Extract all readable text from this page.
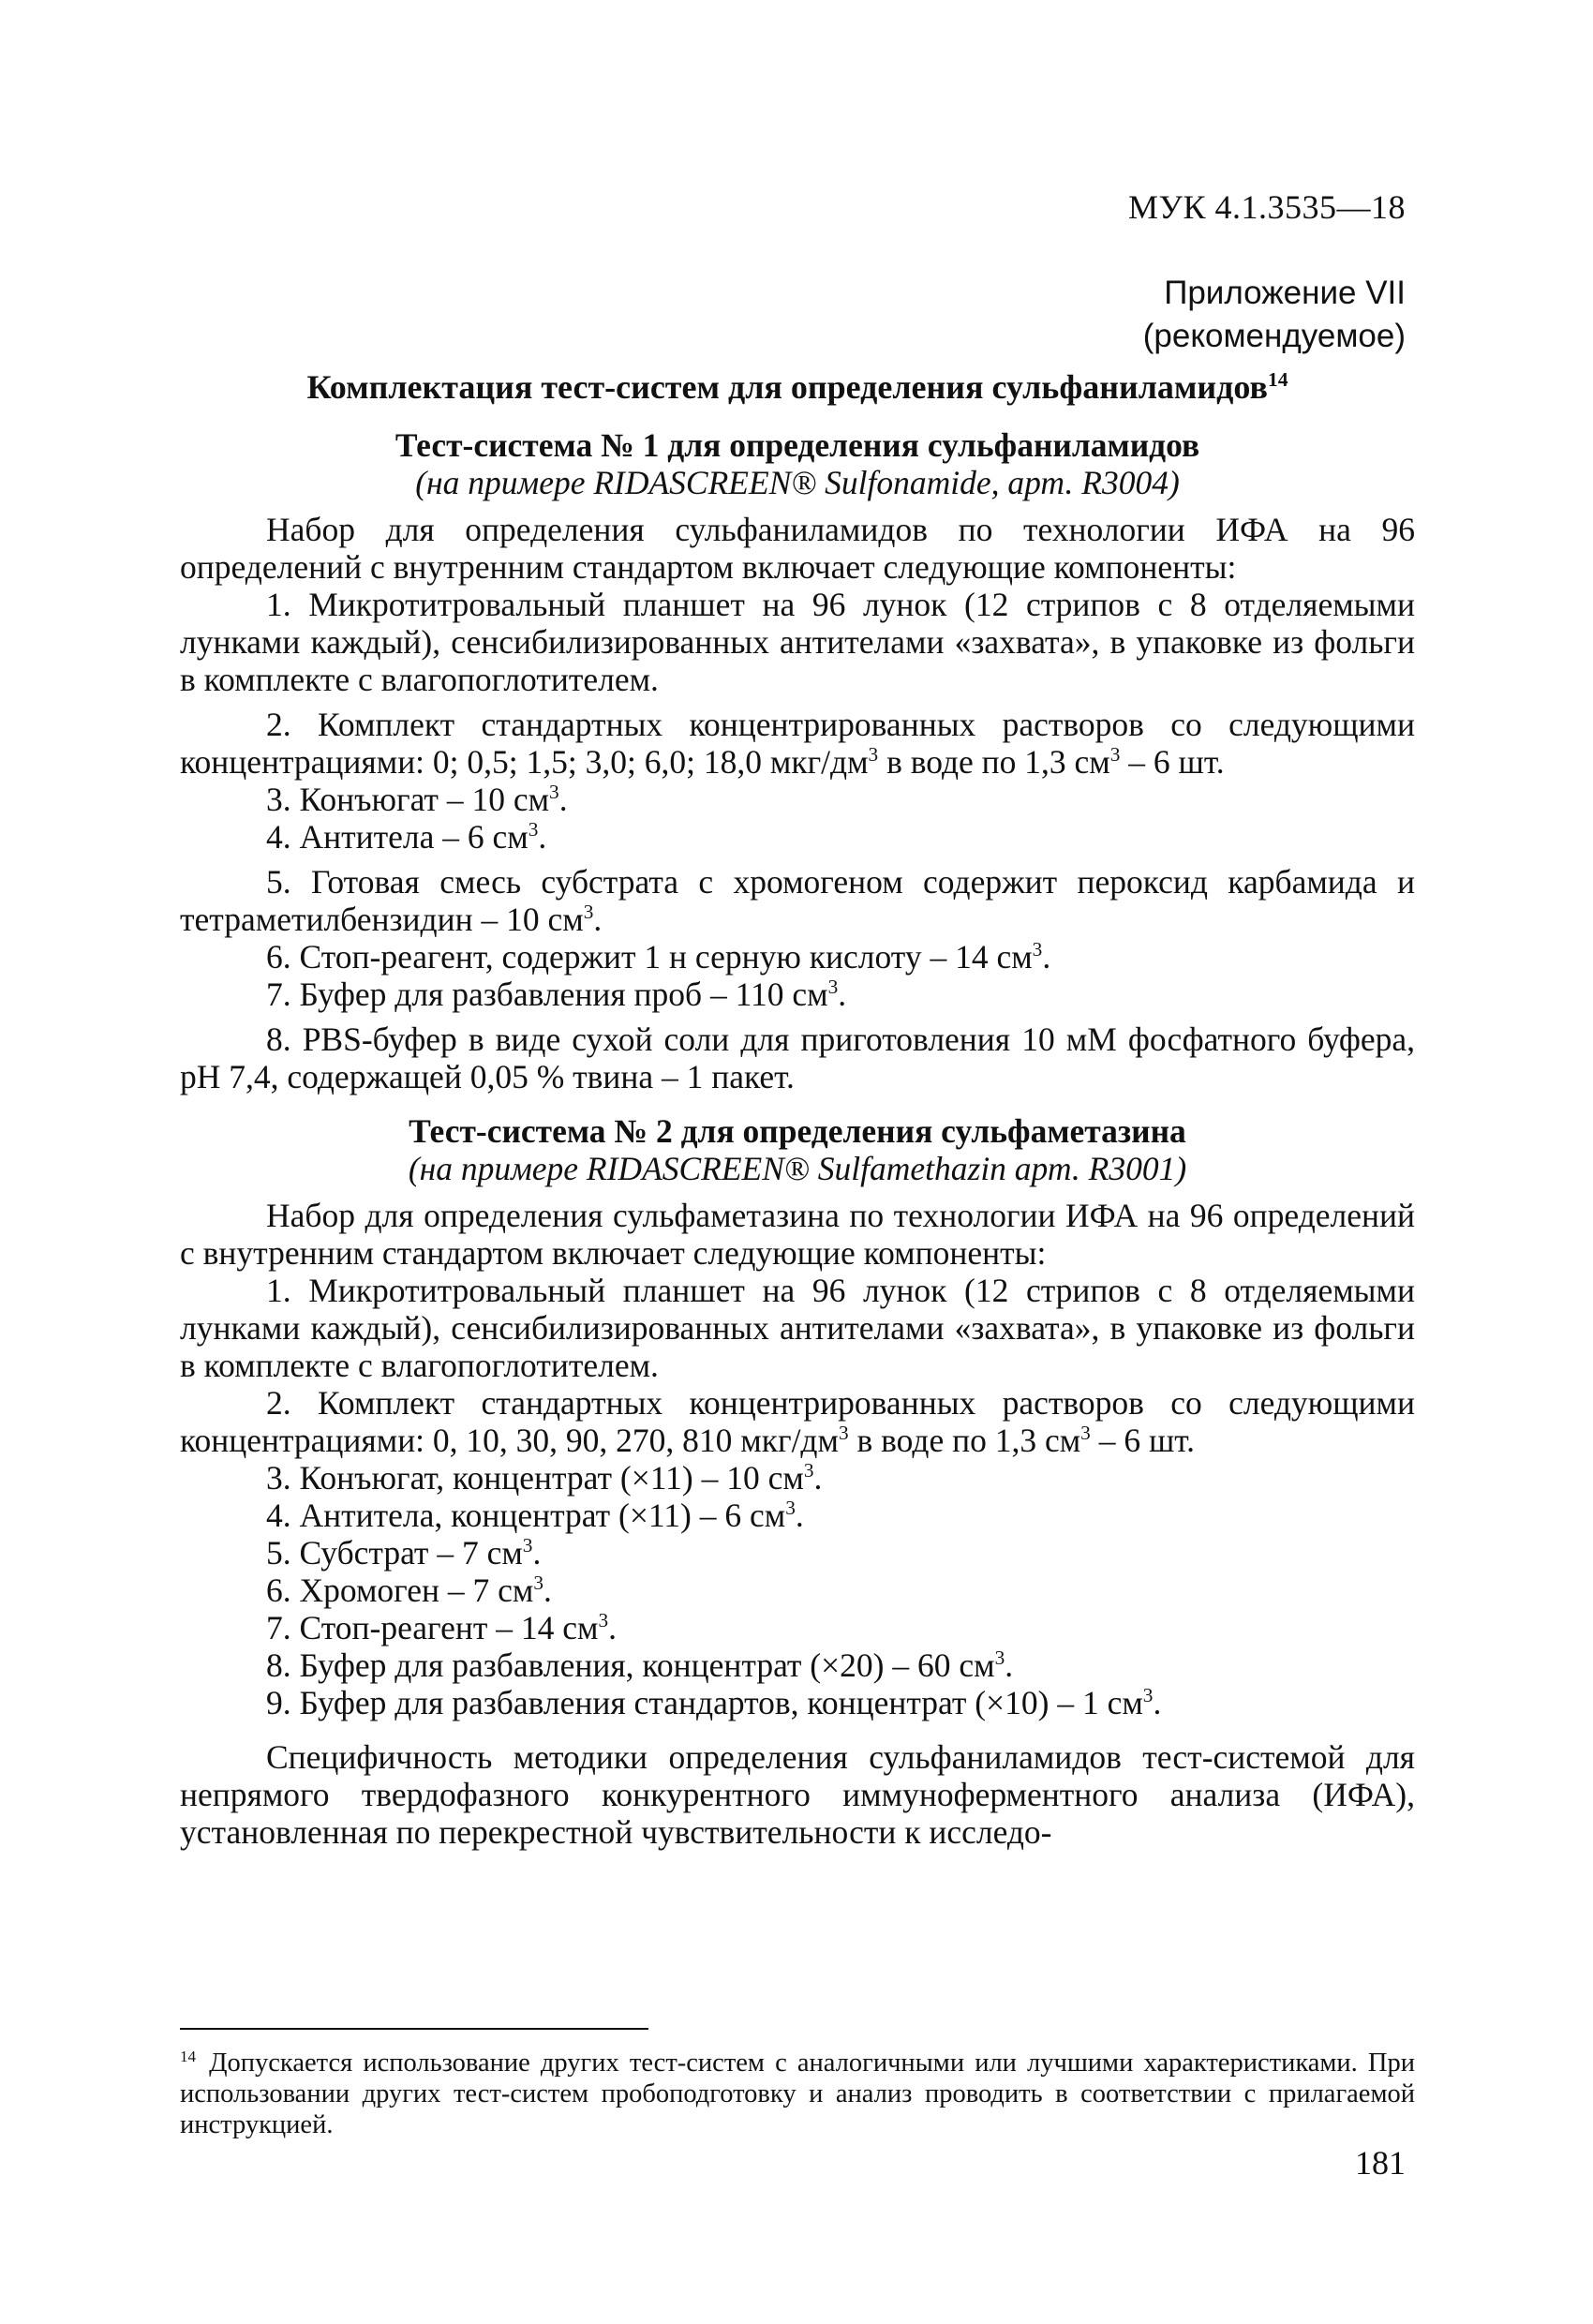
МУК 4.1.3535—18
Приложение VII
(рекомендуемое)
Комплектация тест-систем для определения сульфаниламидов$^{14}$
Тест-система № 1 для определения сульфаниламидов
(на примере RIDASCREEN® Sulfonamide, арт. R3004)

Набор для определения сульфаниламидов по технологии ИФА на 96 определений с внутренним стандартом включает следующие компоненты:

1. Микротитровальный планшет на 96 лунок (12 стрипов с 8 отделяемыми лунками каждый), сенсибилизированных антителами «захвата», в упаковке из фольги в комплекте с влагопоглотителем.

2. Комплект стандартных концентрированных растворов со следующими концентрациями: 0; 0,5; 1,5; 3,0; 6,0; 18,0 мкг/$дм^3$ в воде по 1,3 $см^3 - 6$ шт.

3. Конъюгат – 10 $см^3$.

4. Антитела – 6 $см^3$.

5. Готовая смесь субстрата с хромогеном содержит пероксид карбамида и тетраметилбензидин – 10 $см^3$.

6. Стоп-реагент, содержит 1 н серную кислоту – 14 $см^3$.

7. Буфер для разбавления проб – 110 $см^3$.

8. PBS-буфер в виде сухой соли для приготовления 10 мМ фосфатного буфера, pH 7,4, содержащей 0,05 % твина – 1 пакет.

Тест-система № 2 для определения сульфаметазина
(на примере RIDASCREEN® Sulfamethazin арт. R3001)

Набор для определения сульфаметазина по технологии ИФА на 96 определений с внутренним стандартом включает следующие компоненты:

1. Микротитровальный планшет на 96 лунок (12 стрипов с 8 отделяемыми лунками каждый), сенсибилизированных антителами «захвата», в упаковке из фольги в комплекте с влагопоглотителем.

2. Комплект стандартных концентрированных растворов со следующими концентрациями: 0, 10, 30, 90, 270, 810 мкг/$дм^3$ в воде по 1,3 $см^3 - 6$ шт.

3. Конъюгат, концентрат (×11) – 10 $см^3$.

4. Антитела, концентрат (×11) – 6 $см^3$.

5. Субстрат – 7 $см^3$.

6. Хромоген – 7 $см^3$.

7. Стоп-реагент – 14 $см^3$.

8. Буфер для разбавления, концентрат (×20) – 60 $см^3$.

9. Буфер для разбавления стандартов, концентрат (×10) – 1 $см^3$.

Специфичность методики определения сульфаниламидов тест-системой для непрямого твердофазного конкурентного иммуноферментного анализа (ИФА), установленная по перекрестной чувствительности к исследо-

$^{14}$ Допускается использование других тест-систем с аналогичными или лучшими характеристиками. При использовании других тест-систем пробоподготовку и анализ проводить в соответствии с прилагаемой инструкцией.
181
